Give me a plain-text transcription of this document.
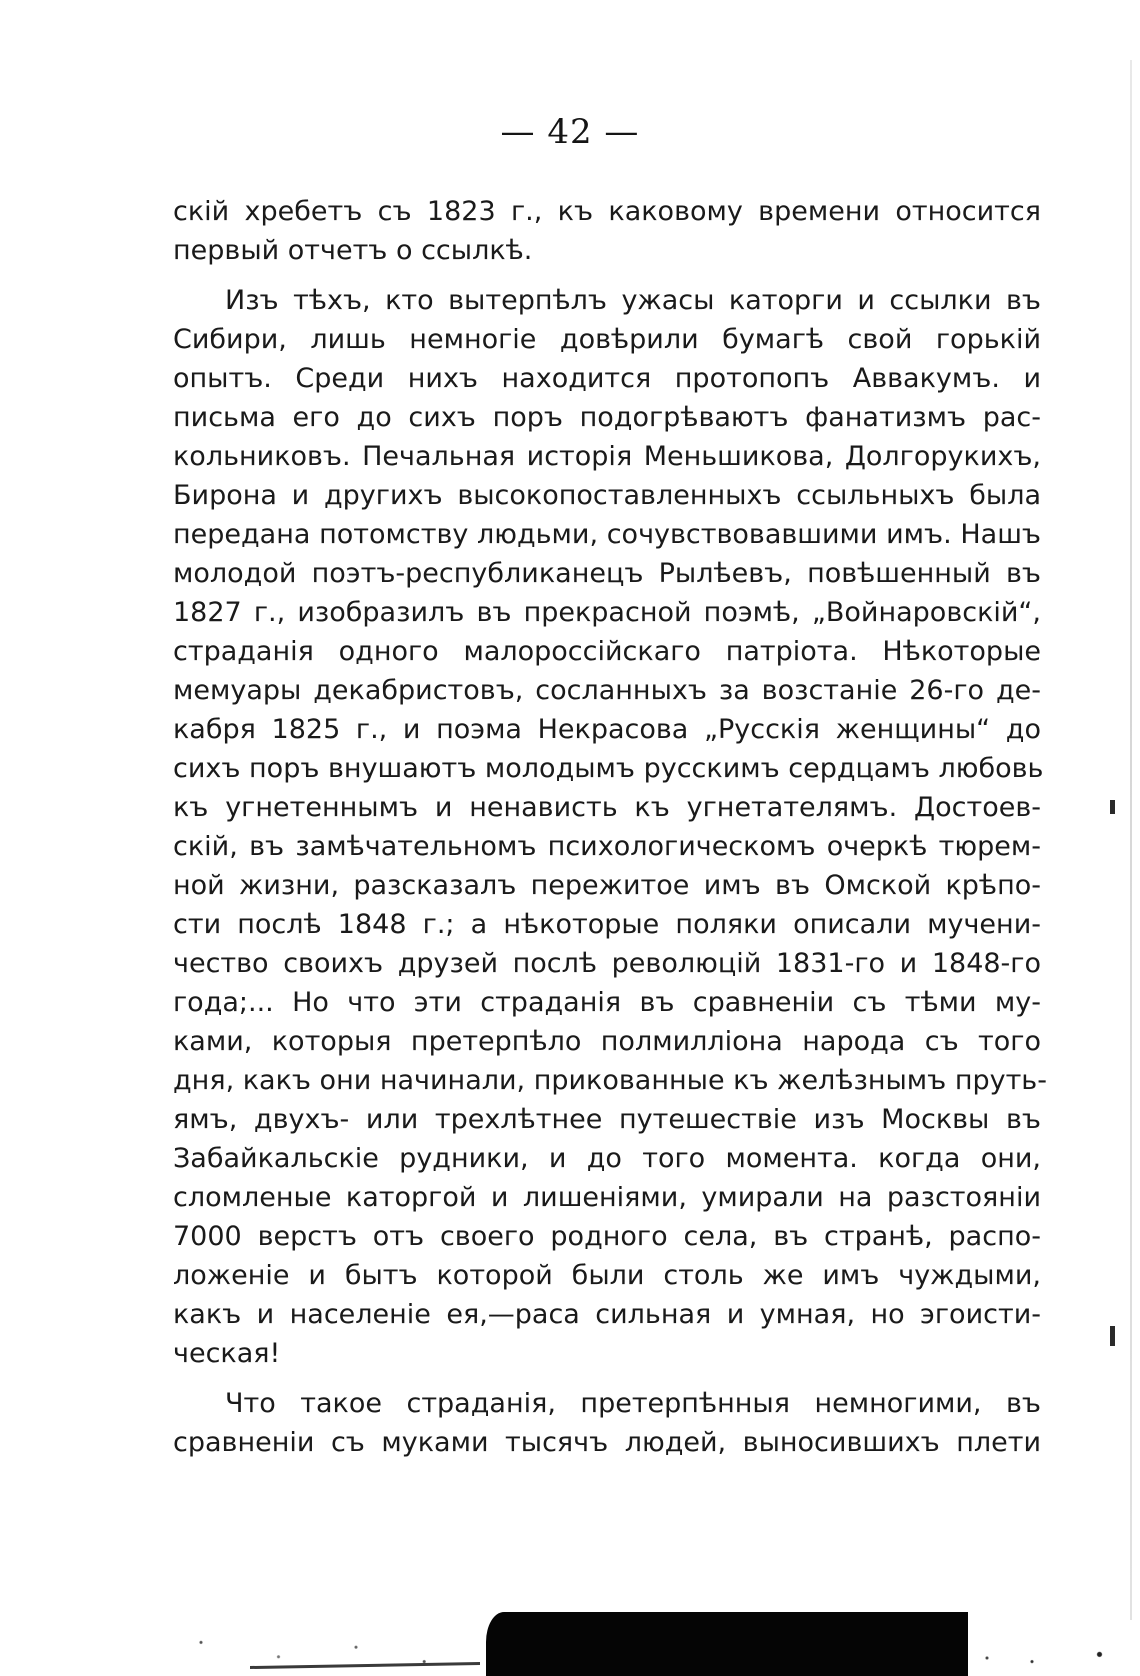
— 42 —
скій хребетъ съ 1823 г., къ каковому времени относится
первый отчетъ о ссылкѣ.
Изъ тѣхъ, кто вытерпѣлъ ужасы каторги и ссылки въ
Сибири, лишь немногіе довѣрили бумагѣ свой горькій
опытъ. Среди нихъ находится протопопъ Аввакумъ. и
письма его до сихъ поръ подогрѣваютъ фанатизмъ рас-
кольниковъ. Печальная исторія Меньшикова, Долгорукихъ,
Бирона и другихъ высокопоставленныхъ ссыльныхъ была
передана потомству людьми, сочувствовавшими имъ. Нашъ
молодой поэтъ-республиканецъ Рылѣевъ, повѣшенный въ
1827 г., изобразилъ въ прекрасной поэмѣ, „Войнаровскій“,
страданія одного малороссійскаго патріота. Нѣкоторые
мемуары декабристовъ, сосланныхъ за возстаніе 26-го де-
кабря 1825 г., и поэма Некрасова „Русскія женщины“ до
сихъ поръ внушаютъ молодымъ русскимъ сердцамъ любовь
къ угнетеннымъ и ненависть къ угнетателямъ. Достоев-
скій, въ замѣчательномъ психологическомъ очеркѣ тюрем-
ной жизни, разсказалъ пережитое имъ въ Омской крѣпо-
сти послѣ 1848 г.; а нѣкоторые поляки описали мучени-
чество своихъ друзей послѣ революцій 1831-го и 1848-го
года;... Но что эти страданія въ сравненіи съ тѣми му-
ками, которыя претерпѣло полмилліона народа съ того
дня, какъ они начинали, прикованные къ желѣзнымъ пруть-
ямъ, двухъ- или трехлѣтнее путешествіе изъ Москвы въ
Забайкальскіе рудники, и до того момента. когда они,
сломленые каторгой и лишеніями, умирали на разстояніи
7000 верстъ отъ своего родного села, въ странѣ, распо-
ложеніе и бытъ которой были столь же имъ чуждыми,
какъ и населеніе ея,—раса сильная и умная, но эгоисти-
ческая!
Что такое страданія, претерпѣнныя немногими, въ
сравненіи съ муками тысячъ людей, выносившихъ плети
